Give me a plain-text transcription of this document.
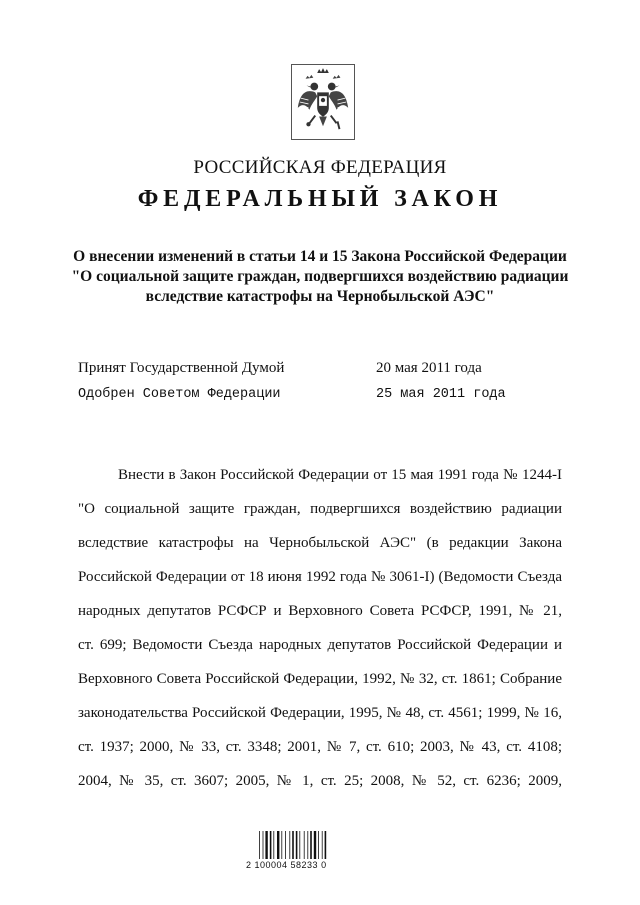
РОССИЙСКАЯ ФЕДЕРАЦИЯ
ФЕДЕРАЛЬНЫЙ ЗАКОН
О внесении изменений в статьи 14 и 15 Закона Российской Федерации
"О социальной защите граждан, подвергшихся воздействию радиации
вследствие катастрофы на Чернобыльской АЭС"
Принят Государственной Думой	20 мая 2011 года
Одобрен Советом Федерации	25 мая 2011 года
Внести в Закон Российской Федерации от 15 мая 1991 года № 1244-I
"О социальной защите граждан, подвергшихся воздействию радиации
вследствие катастрофы на Чернобыльской АЭС" (в редакции Закона
Российской Федерации от 18 июня 1992 года № 3061-I) (Ведомости Съезда
народных депутатов РСФСР и Верховного Совета РСФСР, 1991, № 21,
ст. 699; Ведомости Съезда народных депутатов Российской Федерации и
Верховного Совета Российской Федерации, 1992, № 32, ст. 1861; Собрание
законодательства Российской Федерации, 1995, № 48, ст. 4561; 1999, № 16,
ст. 1937; 2000, № 33, ст. 3348; 2001, № 7, ст. 610; 2003, № 43, ст. 4108;
2004, № 35, ст. 3607; 2005, № 1, ст. 25; 2008, № 52, ст. 6236; 2009,
2 100004 58233 0
